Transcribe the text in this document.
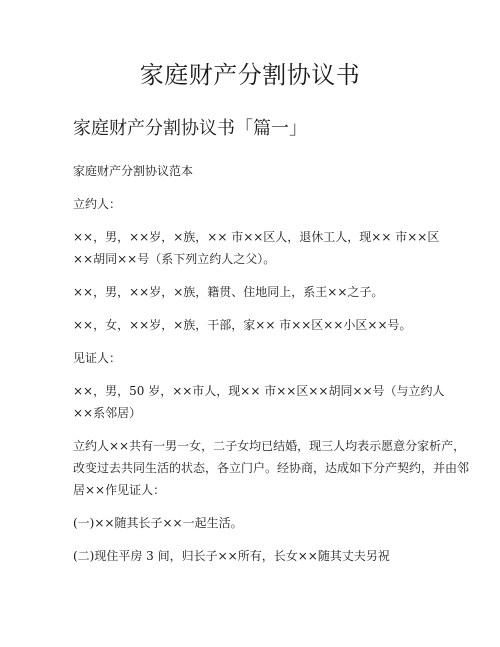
家庭财产分割协议书
家庭财产分割协议书「篇一」

家庭财产分割协议范本

立约人：

××，男，××岁，×族，×× 市××区人，退休工人，现×× 市××区
××胡同××号（系下列立约人之父）。

××，男，××岁，×族，籍贯、住地同上，系王××之子。

××，女，××岁，×族，干部，家×× 市××区××小区××号。

见证人：

××，男，50 岁，××市人，现×× 市××区××胡同××号（与立约人
××系邻居）

立约人××共有一男一女，二子女均已结婚，现三人均表示愿意分家析产，
改变过去共同生活的状态，各立门户。经协商，达成如下分产契约，并由邻
居××作见证人：

(一)××随其长子××一起生活。

(二)现住平房 3 间，归长子××所有，长女××随其丈夫另祝
